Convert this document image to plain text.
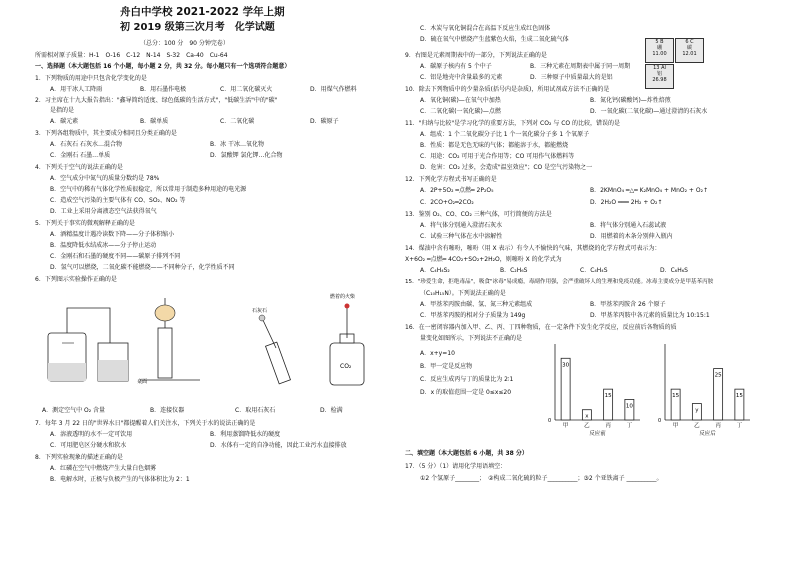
舟白中学校 2021-2022 学年上期
初 2019 级第三次月考　化学试题
（总分：100 分　90 分钟完卷）
所需相对原子质量：H-1　O-16　C-12　N-14　S-32　Ca-40　Cu-64
一、选择题（本大题包括 16 个小题，每小题 2 分，共 32 分。每小题只有一个选项符合题意）
1．下列物质的用途中只包含化学变化的是
A．用干冰人工降雨	B．用石墨作电极	C．用二氧化碳灭火	D．用煤气作燃料
2．习主席在十九大报告指出："鑫导简约适度、绿色低碳的生活方式"，"低碳生活"中的"碳"
是指的是
A．碳元素	B．碳单质	C．二氧化碳	D．碳原子
3．下列各组物质中，其主要成分相同且分类正确的是
A．石灰石 石灰水…混合物	B．冰 干冰…氧化物
C．金刚石 石墨…单质	D．氯酸钾 氯化钾…化合物
4．下列关于空气的说法正确的是
A．空气成分中氮气的质量分数约是 78%
B．空气中的稀有气体化学性质很稳定，所以常用于制造多种用途的电光源
C．造成空气污染的主要气体有 CO、SO₂、NO₂ 等
D．工业上采用分离液态空气法获得氧气
5．下列关于事实的微观解释正确的是
A．酒精温度计遇冷读数下降——分子体积缩小
B．温度降低水结成冰——分子停止运动
C．金刚石和石墨的硬度不同——碳原子排列不同
D．氢气可以燃烧，二氧化碳不能燃烧——不同种分子，化学性质不同
6．下列图示实验操作正确的是
桌面
石灰石
燃着的火柴
CO₂
A．测定空气中 O₂ 含量	B．连接仪器	C．取用石灰石	D．检满
7．每年 3 月 22 日的"世界水日"都提醒着人们关注水，下列关于水的说法正确的是
A．溶液透明的水不一定可饮用	B．利用蒸馏降低水的硬度
C．可用肥皂区分硬水和软水	D．水体有一定的自净功能，因此工业污水直接排放
8．下列实验现象的描述正确的是
A．红磷在空气中燃烧产生大量白色烟雾
B．电解水时，正极与负极产生的气体体积比为 2：1
5 B
硼
11.00
6 C
碳
12.01
13 Al
铝
26.98
C．木炭与氧化铜混合在高温下反应生成红色固体
D．硫在氧气中燃烧产生蓝紫色火焰，生成二氧化硫气体
9．右图是元素周期表中的一部分，下列说法正确的是
A．碳原子核内有 5 个中子	B．三种元素在周期表中属于同一周期
C．铝是地壳中含量最多的元素	D．三种原子中质量最大的是铝
10．除去下列物质中的少量杂质(括号内是杂质)，所用试剂或方法不正确的是
A．氧化铜(碳)—在氧气中加热	B．氮化钙(碳酸钙)—炸性焙煎
C．二氧化碳(一氧化碳)—点燃	D．一氧化碳(二氧化碳)—通过澄清的石灰水
11．"归纳与比较"是学习化学的重要方法，下列对 CO₂ 与 CO 的比较，错误的是
A．组成：1 个二氧化碳分子比 1 个一氧化碳分子多 1 个氧原子
B．性质：都是无色无味的气体；都能溶于水，都能燃烧
C．用途：CO₂ 可用于光合作用等；CO 可用作气体燃料等
D．危害：CO₂ 过多，会造成"温室效应"；CO 是空气污染物之一
12．下列化学方程式书写正确的是
A．2P+5O₂ ═点燃═ 2P₂O₅	B．2KMnO₄ ═△═ K₂MnO₄ + MnO₂ + O₂↑
C．2CO+O₂═2CO₂	D．2H₂O ═══ 2H₂ + O₂↑
13．鉴别 O₂、CO、CO₂ 三种气体，可行简便的方法是
A．将气体分别通入澄清石灰水	B．将气体分别通入石蕊试液
C．试验三种气体在水中溶解性	D．用燃着的木条分别伸入瓶内
14．煤油中含有噻吩，噻吩（用 X 表示）有令人不愉快的气味，其燃烧的化学方程式可表示为：
X+6O₂ ═点燃═ 4CO₂+SO₂+2H₂O，则噻吩 X 的化学式为
A．C₄H₄S₂	B．C₂H₆S	C．C₄H₄S	D．C₆H₆S
15．"珍爱生命，拒绝毒品"，吸食"冰毒"易成瘾，毒副作用强，会严重破坏人的生理和免疫功能。冰毒主要成分是甲基苯丙胺
（C₁₀H₁₅N）。下列说法正确的是
A．甲基苯丙胺由碳、氢、氮三种元素组成	B．甲基苯丙胺含 26 个原子
C．甲基苯丙胺的相对分子质量为 149g	D．甲基苯丙胺中各元素的质量比为 10:15:1
16．在一密闭容器内加入甲、乙、丙、丁四种物质，在一定条件下发生化学反应，反应前后各物质的质
量变化如图所示，下列说法不正确的是
A．x+y=10
B．甲一定是反应物
C．反应生成丙与丁的质量比为 2∶1
D．x 的取值范围一定是 0≤x≤20
0
30
甲
x
乙
15
丙
10
丁
反应前
0
15
甲
y
乙
25
丙
15
丁
反应后
二、填空题（本大题包括 6 小题，共 38 分）
17．（5 分）（1）请用化学用语填空：
①2 个氢原子________；　②构成二氧化硫的粒子__________；③2 个亚铁离子 __________。
